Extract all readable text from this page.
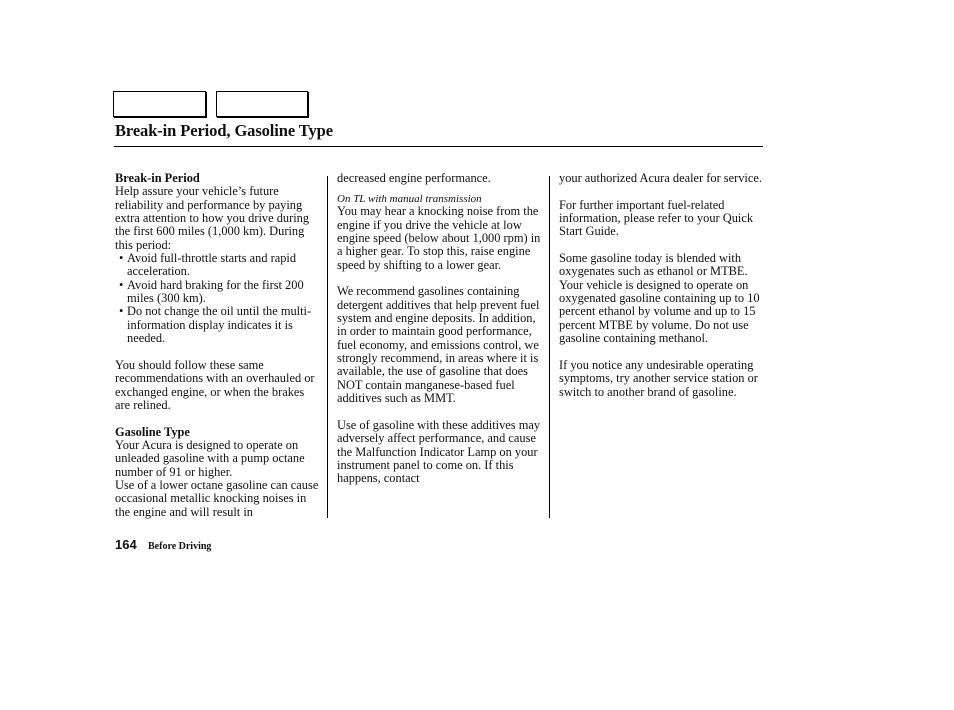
Break-in Period, Gasoline Type

Break-in Period

Help assure your vehicle’s future reliability and performance by paying extra attention to how you drive during the first 600 miles (1,000 km). During this period:

• Avoid full-throttle starts and rapid acceleration.
• Avoid hard braking for the first 200 miles (300 km).
• Do not change the oil until the multi-information display indicates it is needed.

You should follow these same recommendations with an overhauled or exchanged engine, or when the brakes are relined.

Gasoline Type

Your Acura is designed to operate on unleaded gasoline with a pump octane number of 91 or higher.

Use of a lower octane gasoline can cause occasional metallic knocking noises in the engine and will result in

decreased engine performance.

On TL with manual transmission

You may hear a knocking noise from the engine if you drive the vehicle at low engine speed (below about 1,000 rpm) in a higher gear. To stop this, raise engine speed by shifting to a lower gear.

We recommend gasolines containing detergent additives that help prevent fuel system and engine deposits. In addition, in order to maintain good performance, fuel economy, and emissions control, we strongly recommend, in areas where it is available, the use of gasoline that does NOT contain manganese-based fuel additives such as MMT.

Use of gasoline with these additives may adversely affect performance, and cause the Malfunction Indicator Lamp on your instrument panel to come on. If this happens, contact

your authorized Acura dealer for service.

For further important fuel-related information, please refer to your Quick Start Guide.

Some gasoline today is blended with oxygenates such as ethanol or MTBE. Your vehicle is designed to operate on oxygenated gasoline containing up to 10 percent ethanol by volume and up to 15 percent MTBE by volume. Do not use gasoline containing methanol.

If you notice any undesirable operating symptoms, try another service station or switch to another brand of gasoline.

164 Before Driving
